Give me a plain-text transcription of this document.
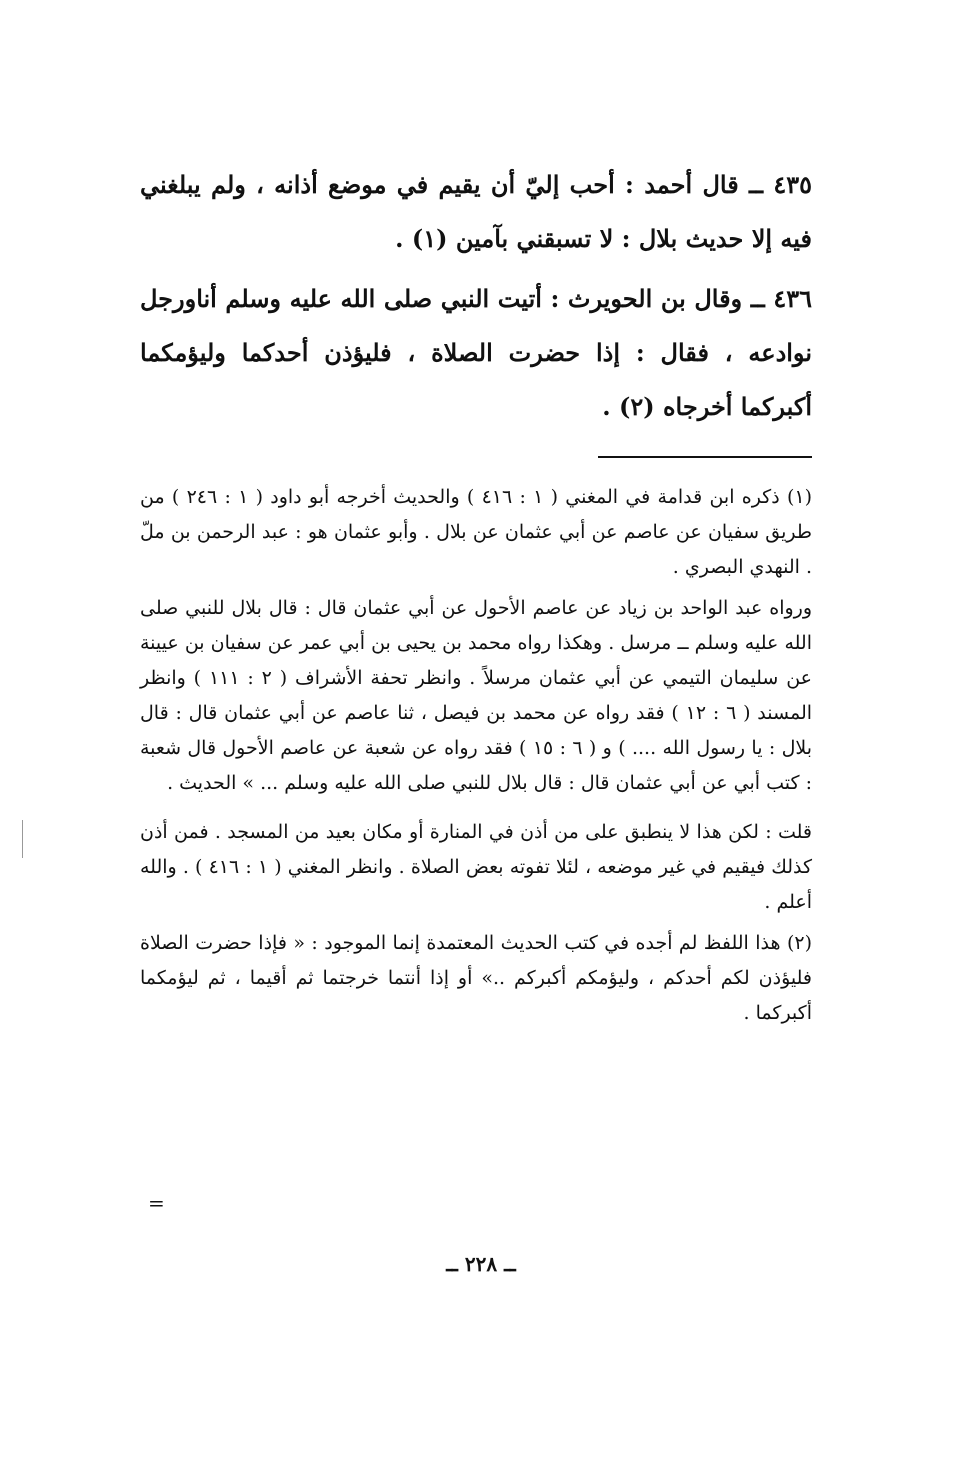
٤٣٥ ــ قال أحمد : أحب إليّ أن يقيم في موضع أذانه ، ولم يبلغني فيه إلا حديث بلال : لا تسبقني بآمين (١) .

٤٣٦ ــ وقال بن الحويرث : أتيت النبي صلى الله عليه وسلم أناورجل نوادعه ، فقال : إذا حضرت الصلاة ، فليؤذن أحدكما وليؤمكما أكبركما أخرجاه (٢) .

(١) ذكره ابن قدامة في المغني ( ١ : ٤١٦ ) والحديث أخرجه أبو داود ( ١ : ٢٤٦ ) من طريق سفيان عن عاصم عن أبي عثمان عن بلال . وأبو عثمان هو : عبد الرحمن بن ملّ . النهدي البصري .

ورواه عبد الواحد بن زياد عن عاصم الأحول عن أبي عثمان قال : قال بلال للنبي صلى الله عليه وسلم ــ مرسل . وهكذا رواه محمد بن يحيى بن أبي عمر عن سفيان بن عيينة عن سليمان التيمي عن أبي عثمان مرسلاً . وانظر تحفة الأشراف ( ٢ : ١١١ ) وانظر المسند ( ٦ : ١٢ ) فقد رواه عن محمد بن فيصل ، ثنا عاصم عن أبي عثمان قال : قال بلال : يا رسول الله .... ) و ( ٦ : ١٥ ) فقد رواه عن شعبة عن عاصم الأحول قال شعبة : كتب أبي عن أبي عثمان قال : قال بلال للنبي صلى الله عليه وسلم ... » الحديث .

قلت : لكن هذا لا ينطبق على من أذن في المنارة أو مكان بعيد من المسجد . فمن أذن كذلك فيقيم في غير موضعه ، لئلا تفوته بعض الصلاة . وانظر المغني ( ١ : ٤١٦ ) . والله أعلم .

(٢) هذا اللفظ لم أجده في كتب الحديث المعتمدة إنما الموجود : « فإذا حضرت الصلاة فليؤذن لكم أحدكم ، وليؤمكم أكبركم ..» أو إذا أنتما خرجتما ثم أقيما ، ثم ليؤمكما أكبركما .

=
ــ ٢٢٨ ــ
